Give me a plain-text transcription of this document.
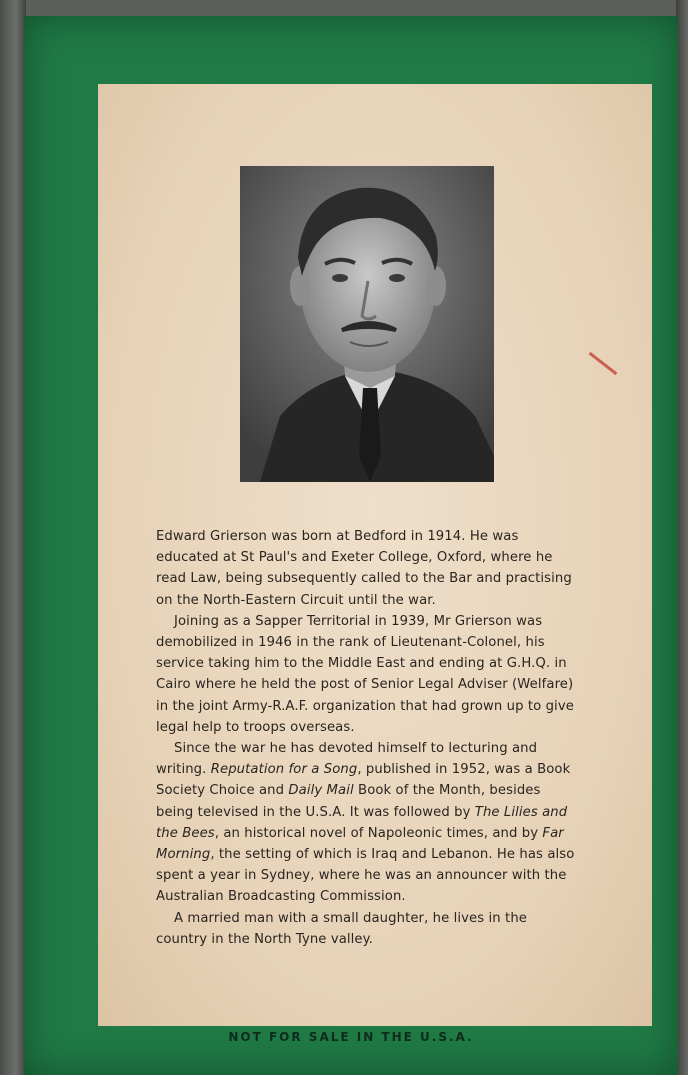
Edward Grierson was born at Bedford in 1914. He was educated at St Paul's and Exeter College, Oxford, where he read Law, being subsequently called to the Bar and practising on the North-Eastern Circuit until the war.

Joining as a Sapper Territorial in 1939, Mr Grierson was demobilized in 1946 in the rank of Lieutenant-Colonel, his service taking him to the Middle East and ending at G.H.Q. in Cairo where he held the post of Senior Legal Adviser (Welfare) in the joint Army-R.A.F. organization that had grown up to give legal help to troops overseas.

Since the war he has devoted himself to lecturing and writing. Reputation for a Song, published in 1952, was a Book Society Choice and Daily Mail Book of the Month, besides being televised in the U.S.A. It was followed by The Lilies and the Bees, an historical novel of Napoleonic times, and by Far Morning, the setting of which is Iraq and Lebanon. He has also spent a year in Sydney, where he was an announcer with the Australian Broadcasting Commission.

A married man with a small daughter, he lives in the country in the North Tyne valley.

NOT FOR SALE IN THE U.S.A.
